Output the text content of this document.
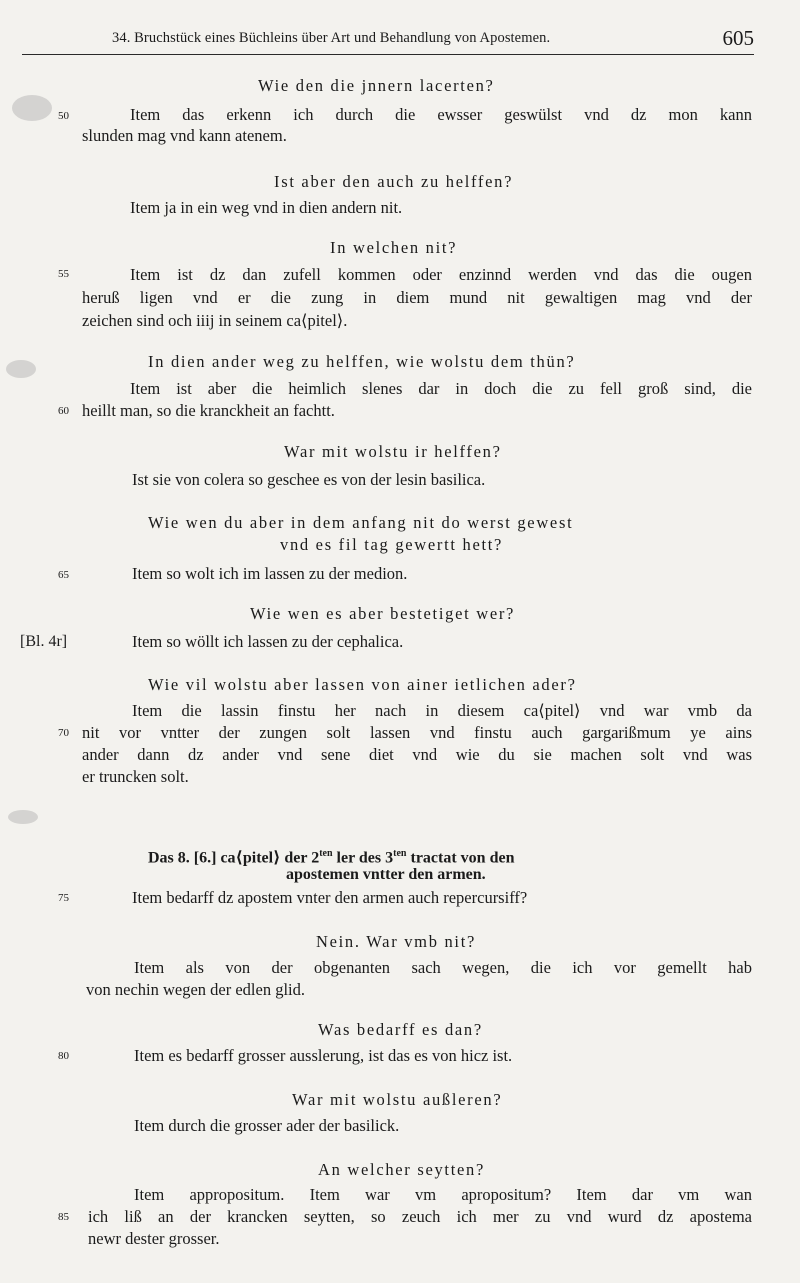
34. Bruchstück eines Büchleins über Art und Behandlung von Apostemen.	605
50
55
60
65
70
75
80
85
[Bl. 4r]
Wie den die jnnern lacerten?
Item das erkenn ich durch die ewsser geswülst vnd dz mon kann
slunden mag vnd kann atenem.
Ist aber den auch zu helffen?
Item ja in ein weg vnd in dien andern nit.
In welchen nit?
Item ist dz dan zufell kommen oder enzinnd werden vnd das die ougen
heruß ligen vnd er die zung in diem mund nit gewaltigen mag vnd der
zeichen sind och iiij in seinem ca⟨pitel⟩.
In dien ander weg zu helffen, wie wolstu dem thün?
Item ist aber die heimlich slenes dar in doch die zu fell groß sind, die
heillt man, so die kranckheit an fachtt.
War mit wolstu ir helffen?
Ist sie von colera so geschee es von der lesin basilica.
Wie wen du aber in dem anfang nit do werst gewest
vnd es fil tag gewertt hett?
Item so wolt ich im lassen zu der medion.
Wie wen es aber bestetiget wer?
Item so wöllt ich lassen zu der cephalica.
Wie vil wolstu aber lassen von ainer ietlichen ader?
Item die lassin finstu her nach in diesem ca⟨pitel⟩ vnd war vmb da
nit vor vntter der zungen solt lassen vnd finstu auch gargarißmum ye ains
ander dann dz ander vnd sene diet vnd wie du sie machen solt vnd was
er truncken solt.
Das 8. [6.] ca⟨pitel⟩ der $2^{ten}$ ler des $3^{ten}$ tractat von den
apostemen vntter den armen.
Item bedarff dz apostem vnter den armen auch repercursiff?
Nein. War vmb nit?
Item als von der obgenanten sach wegen, die ich vor gemellt hab
von nechin wegen der edlen glid.
Was bedarff es dan?
Item es bedarff grosser ausslerung, ist das es von hicz ist.
War mit wolstu außleren?
Item durch die grosser ader der basilick.
An welcher seytten?
Item appropositum. Item war vm apropositum? Item dar vm wan
ich liß an der krancken seytten, so zeuch ich mer zu vnd wurd dz apostema
newr dester grosser.
